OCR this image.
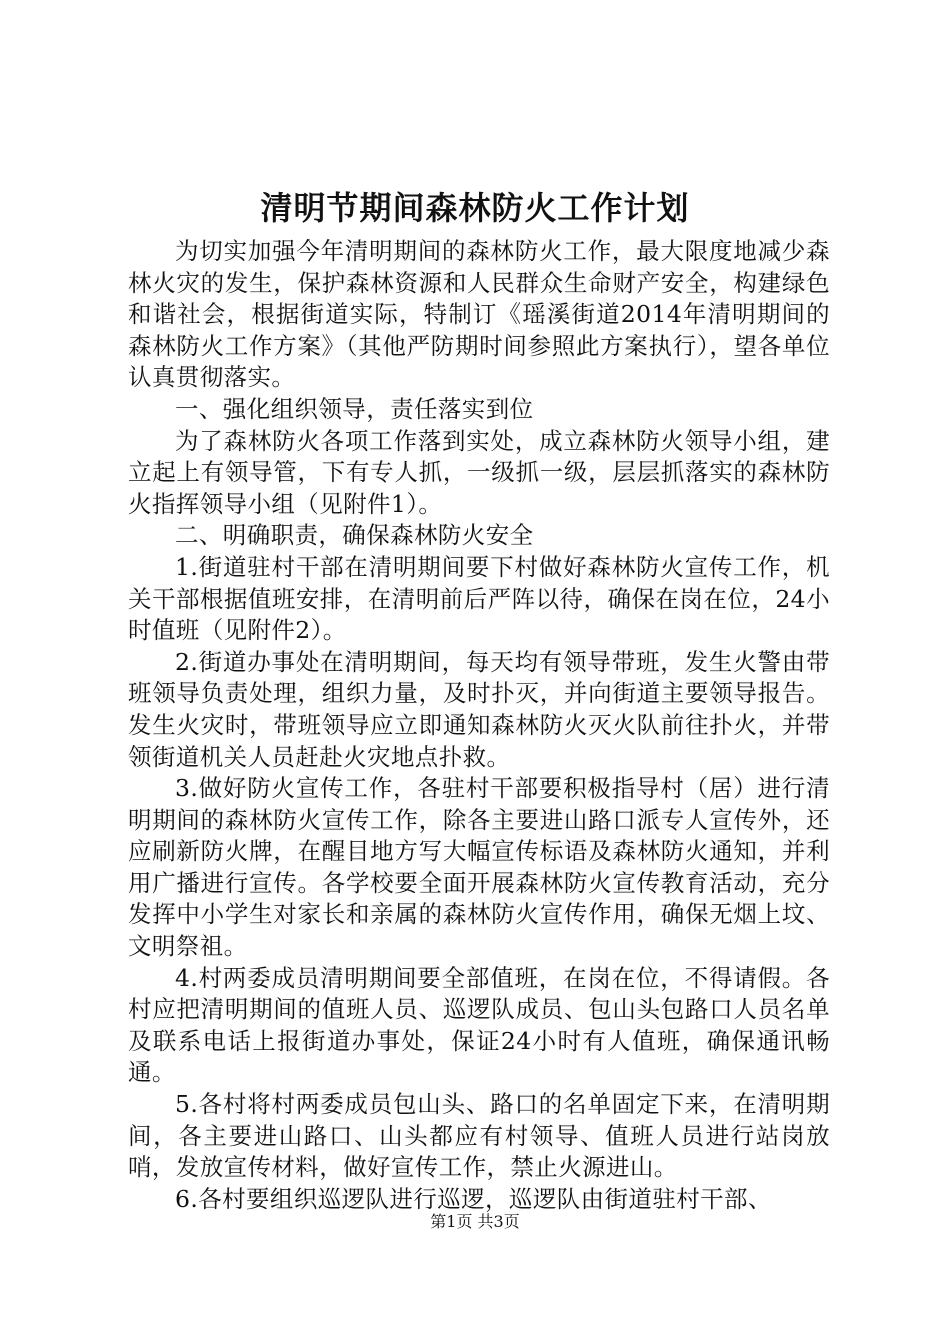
清明节期间森林防火工作计划

为切实加强今年清明期间的森林防火工作，最大限度地减少森林火灾的发生，保护森林资源和人民群众生命财产安全，构建绿色和谐社会，根据街道实际，特制订《瑶溪街道2014年清明期间的森林防火工作方案》（其他严防期时间参照此方案执行），望各单位认真贯彻落实。

一、强化组织领导，责任落实到位

为了森林防火各项工作落到实处，成立森林防火领导小组，建立起上有领导管，下有专人抓，一级抓一级，层层抓落实的森林防火指挥领导小组（见附件1）。

二、明确职责，确保森林防火安全

1.街道驻村干部在清明期间要下村做好森林防火宣传工作，机关干部根据值班安排，在清明前后严阵以待，确保在岗在位，24小时值班（见附件2）。

2.街道办事处在清明期间，每天均有领导带班，发生火警由带班领导负责处理，组织力量，及时扑灭，并向街道主要领导报告。发生火灾时，带班领导应立即通知森林防火灭火队前往扑火，并带领街道机关人员赶赴火灾地点扑救。

3.做好防火宣传工作，各驻村干部要积极指导村（居）进行清明期间的森林防火宣传工作，除各主要进山路口派专人宣传外，还应刷新防火牌，在醒目地方写大幅宣传标语及森林防火通知，并利用广播进行宣传。各学校要全面开展森林防火宣传教育活动，充分发挥中小学生对家长和亲属的森林防火宣传作用，确保无烟上坟、文明祭祖。

4.村两委成员清明期间要全部值班，在岗在位，不得请假。各村应把清明期间的值班人员、巡逻队成员、包山头包路口人员名单及联系电话上报街道办事处，保证24小时有人值班，确保通讯畅通。

5.各村将村两委成员包山头、路口的名单固定下来，在清明期间，各主要进山路口、山头都应有村领导、值班人员进行站岗放哨，发放宣传材料，做好宣传工作，禁止火源进山。

6.各村要组织巡逻队进行巡逻，巡逻队由街道驻村干部、

第1页 共3页
